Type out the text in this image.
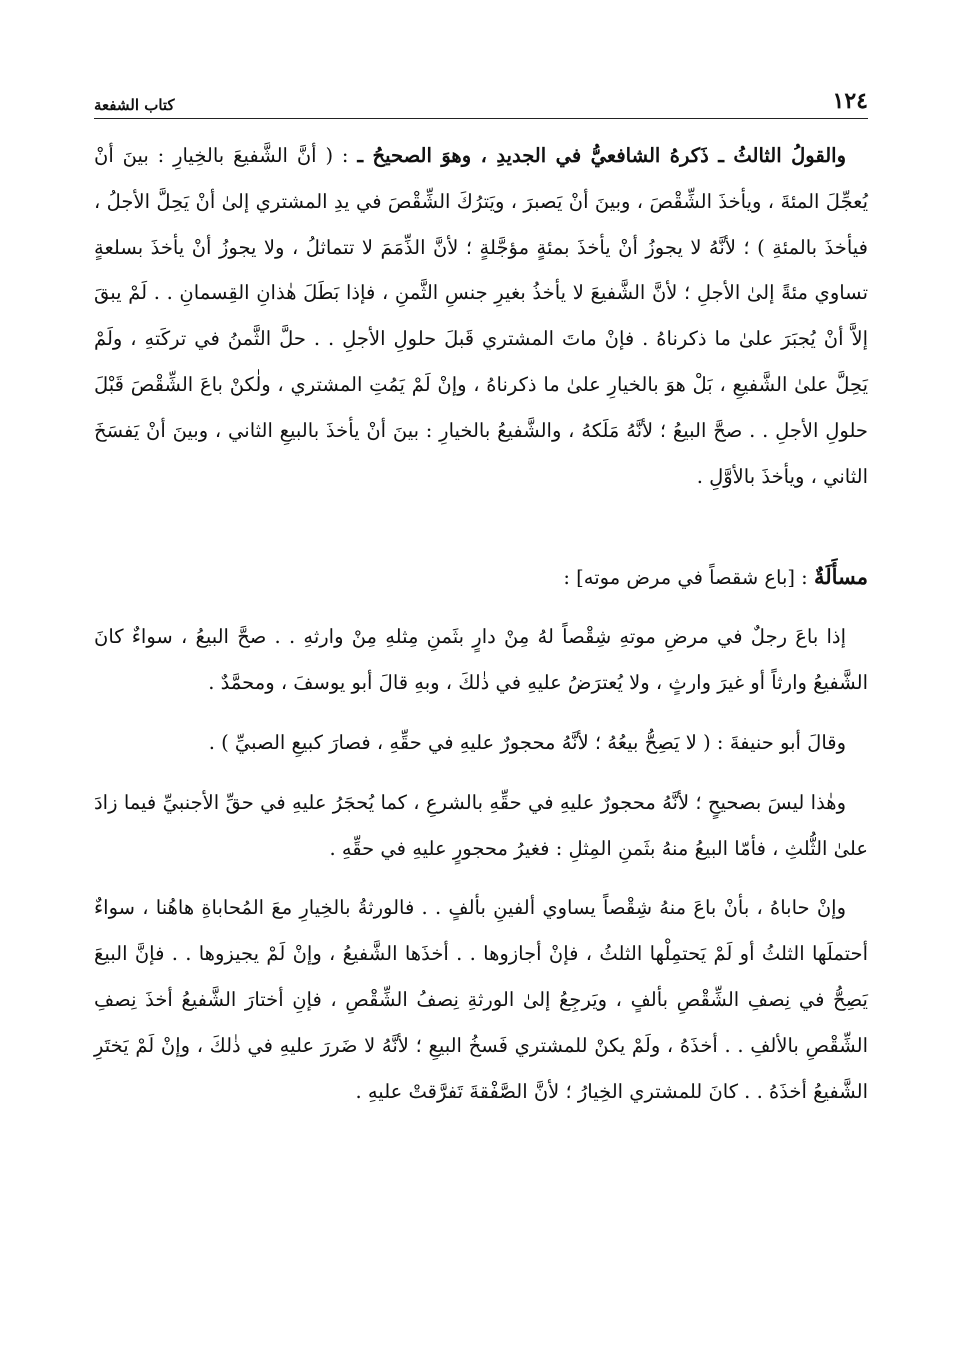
١٢٤
كتاب الشفعة

والقولُ الثالثُ ـ ذَكرهُ الشافعيُّ في الجديدِ ، وهوَ الصحيحُ ـ : ( أنَّ الشَّفيعَ بالخِيارِ : بينَ أنْ يُعجِّلَ المئةَ ، ويأخذَ الشِّقْصَ ، وبينَ أنْ يَصبرَ ، ويَترُكَ الشِّقْصَ في يدِ المشتري إلىٰ أنْ يَحِلَّ الأجلُ ، فيأخذَ بالمئةِ ) ؛ لأنَّهُ لا يجوزُ أنْ يأخذَ بمئةٍ مؤجَّلةٍ ؛ لأنَّ الذِّمَمَ لا تتماثلُ ، ولا يجوزُ أنْ يأخذَ بسلعةٍ تساوي مئةً إلىٰ الأجلِ ؛ لأنَّ الشَّفيعَ لا يأخذُ بغيرِ جنسِ الثَّمنِ ، فإذا بَطَلَ هٰذانِ القِسمانِ . . لَمْ يبقَ إلاَّ أنْ يُجبَرَ علىٰ ما ذكرناهُ . فإنْ ماتَ المشتري قَبلَ حلولِ الأجلِ . . حلَّ الثَّمنُ في تركَتهِ ، ولَمْ يَحِلَّ علىٰ الشَّفيعِ ، بَلْ هوَ بالخيارِ علىٰ ما ذكرناهُ ، وإنْ لَمْ يَمُتِ المشتري ، ولٰكنْ باعَ الشِّقْصَ قَبْلَ حلولِ الأجلِ . . صحَّ البيعُ ؛ لأنَّهُ مَلَكهُ ، والشَّفيعُ بالخيارِ : بينَ أنْ يأخذَ بالبيعِ الثاني ، وبينَ أنْ يَفسَخَ الثاني ، ويأخذَ بالأوَّلِ .

مسأَلَةٌ : [باع شقصاً في مرض موته] :

إذا باعَ رجلٌ في مرضِ موتهِ شِقْصاً لهُ مِنْ دارٍ بثَمنِ مِثلهِ مِنْ وارثهِ . . صحَّ البيعُ ، سواءٌ كانَ الشَّفيعُ وارثاً أو غيرَ وارثٍ ، ولا يُعترَضُ عليهِ في ذٰلكَ ، وبهِ قالَ أبو يوسفَ ، ومحمَّدٌ .

وقالَ أبو حنيفةَ : ( لا يَصِحُّ بيعُهُ ؛ لأنَّهُ محجورٌ عليهِ في حقِّهِ ، فصارَ كبيعِ الصبيِّ ) .

وهٰذا ليسَ بصحيحٍ ؛ لأنَّهُ محجورٌ عليهِ في حقِّهِ بالشرعِ ، كما يُحجَرُ عليهِ في حقِّ الأجنبيِّ فيما زادَ علىٰ الثُّلثِ ، فأمّا البيعُ منهُ بثَمنِ المِثلِ : فغيرُ محجورٍ عليهِ في حقِّهِ .

وإنْ حاباهُ ، بأنْ باعَ منهُ شِقْصاً يساوي ألفينِ بألفٍ . . فالورثةُ بالخِيارِ معَ المُحاباةِ هاهُنا ، سواءٌ أحتملَها الثلثُ أو لَمْ يَحتمِلْها الثلثُ ، فإنْ أجازوها . . أخذَها الشَّفيعُ ، وإنْ لَمْ يجيزوها . . فإنَّ البيعَ يَصِحُّ في نِصفِ الشِّقْصِ بألفٍ ، ويَرجِعُ إلىٰ الورثةِ نِصفُ الشِّقْصِ ، فإنِ أختارَ الشَّفيعُ أخذَ نِصفِ الشِّقْصِ بالألفِ . . أخذَهُ ، ولَمْ يكنْ للمشتري فَسخُ البيعِ ؛ لأنَّهُ لا ضَررَ عليهِ في ذٰلكَ ، وإنْ لَمْ يَختَرِ الشَّفيعُ أخذَهُ . . كانَ للمشتري الخِيارُ ؛ لأنَّ الصَّفْقةَ تَفرَّقتْ عليهِ .
